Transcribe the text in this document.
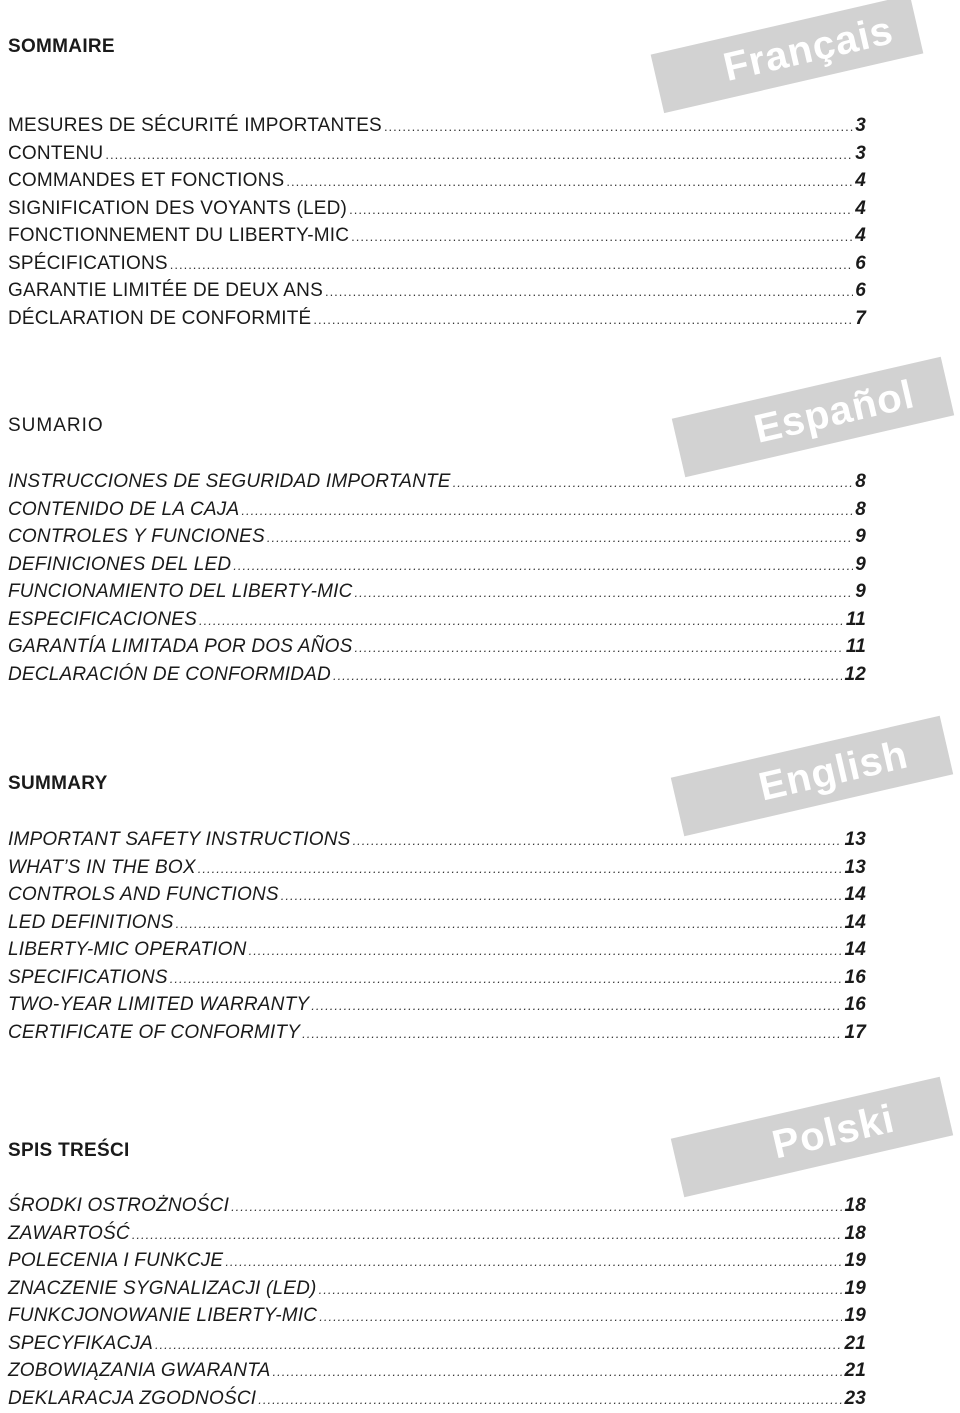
SOMMAIRE	Français
MESURES DE SÉCURITÉ IMPORTANTES .....	3
CONTENU .....	3
COMMANDES ET FONCTIONS .....	4
SIGNIFICATION DES VOYANTS (LED) .....	4
FONCTIONNEMENT DU LIBERTY-MIC .....	4
SPÉCIFICATIONS .....	6
GARANTIE LIMITÉE DE DEUX ANS .....	6
DÉCLARATION DE CONFORMITÉ .....	7
SUMARIO	Español
INSTRUCCIONES DE SEGURIDAD IMPORTANTE .....	8
CONTENIDO DE LA CAJA .....	8
CONTROLES Y FUNCIONES .....	9
DEFINICIONES DEL LED .....	9
FUNCIONAMIENTO DEL LIBERTY-MIC .....	9
ESPECIFICACIONES .....	11
GARANTÍA LIMITADA POR DOS AÑOS .....	11
DECLARACIÓN DE CONFORMIDAD .....	12
SUMMARY	English
IMPORTANT SAFETY INSTRUCTIONS .....	13
WHAT’S IN THE BOX .....	13
CONTROLS AND FUNCTIONS .....	14
LED DEFINITIONS .....	14
LIBERTY-MIC OPERATION .....	14
SPECIFICATIONS .....	16
TWO-YEAR LIMITED WARRANTY .....	16
CERTIFICATE OF CONFORMITY .....	17
SPIS TREŚCI	Polski
ŚRODKI OSTROŻNOŚCI .....	18
ZAWARTOŚĆ .....	18
POLECENIA I FUNKCJE .....	19
ZNACZENIE SYGNALIZACJI (LED) .....	19
FUNKCJONOWANIE LIBERTY-MIC .....	19
SPECYFIKACJA .....	21
ZOBOWIĄZANIA GWARANTA .....	21
DEKLARACJA ZGODNOŚCI .....	23
